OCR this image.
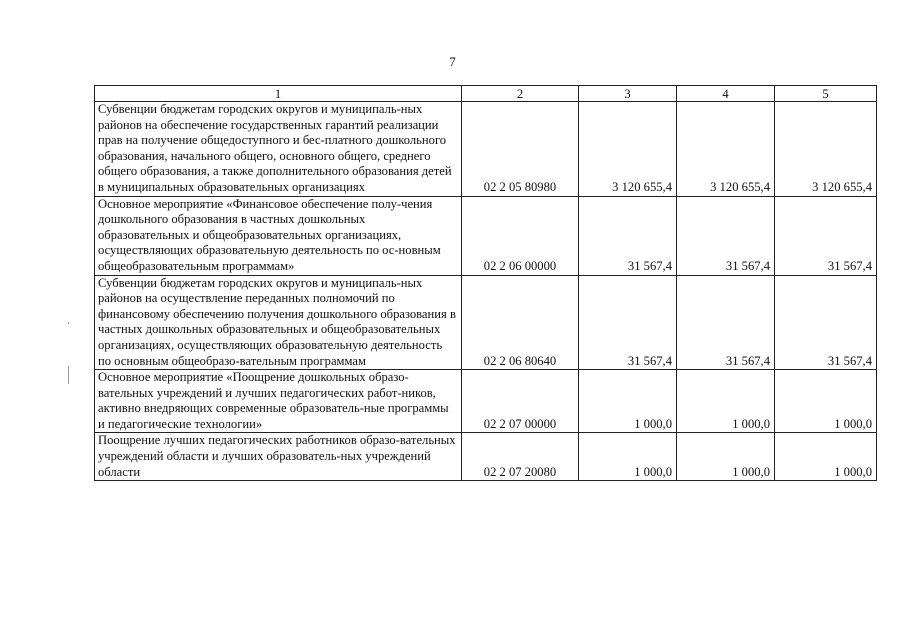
7
1	2	3	4	5
Субвенции бюджетам городских округов и муниципаль-ных районов на обеспечение государственных гарантий реализации прав на получение общедоступного и бес-платного дошкольного образования, начального общего, основного общего, среднего общего образования, а также дополнительного образования детей в муниципальных образовательных организациях	02 2 05 80980	3 120 655,4	3 120 655,4	3 120 655,4
Основное мероприятие «Финансовое обеспечение полу-чения дошкольного образования в частных дошкольных образовательных и общеобразовательных организациях, осуществляющих образовательную деятельность по ос-новным общеобразовательным программам»	02 2 06 00000	31 567,4	31 567,4	31 567,4
Субвенции бюджетам городских округов и муниципаль-ных районов на осуществление переданных полномочий по финансовому обеспечению получения дошкольного образования в частных дошкольных образовательных и общеобразовательных организациях, осуществляющих образовательную деятельность по основным общеобразо-вательным программам	02 2 06 80640	31 567,4	31 567,4	31 567,4
Основное мероприятие «Поощрение дошкольных образо-вательных учреждений и лучших педагогических работ-ников, активно внедряющих современные образователь-ные программы и педагогические технологии»	02 2 07 00000	1 000,0	1 000,0	1 000,0
Поощрение лучших педагогических работников образо-вательных учреждений области и лучших образователь-ных учреждений области	02 2 07 20080	1 000,0	1 000,0	1 000,0
